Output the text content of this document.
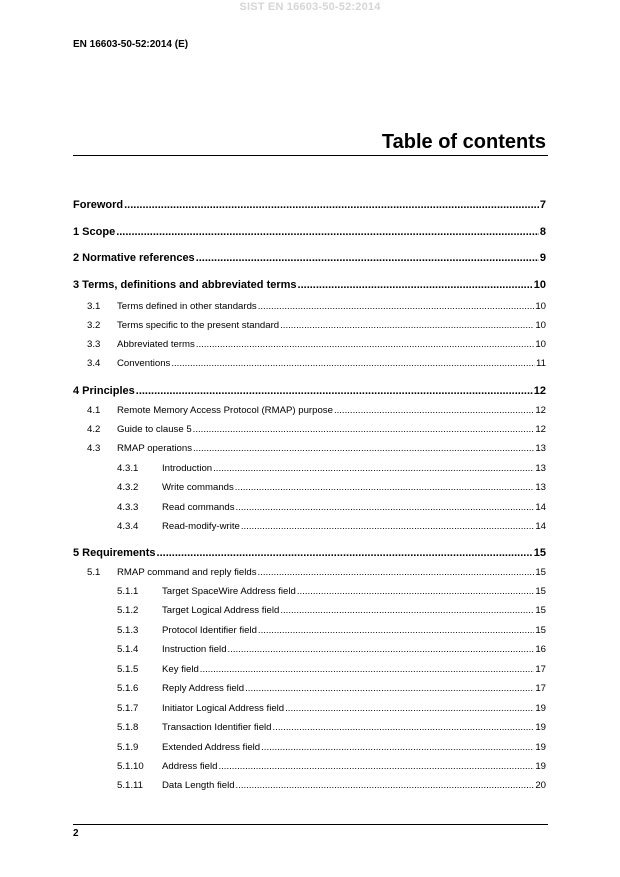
SIST EN 16603-50-52:2014
EN 16603-50-52:2014 (E)
Table of contents
Foreword .....	7
1 Scope .....	8
2 Normative references .....	9
3 Terms, definitions and abbreviated terms .....	10
3.1	Terms defined in other standards .....	10
3.2	Terms specific to the present standard .....	10
3.3	Abbreviated terms .....	10
3.4	Conventions .....	11
4 Principles .....	12
4.1	Remote Memory Access Protocol (RMAP) purpose .....	12
4.2	Guide to clause 5 .....	12
4.3	RMAP operations .....	13
4.3.1	Introduction .....	13
4.3.2	Write commands .....	13
4.3.3	Read commands .....	14
4.3.4	Read-modify-write .....	14
5 Requirements .....	15
5.1	RMAP command and reply fields .....	15
5.1.1	Target SpaceWire Address field .....	15
5.1.2	Target Logical Address field .....	15
5.1.3	Protocol Identifier field .....	15
5.1.4	Instruction field .....	16
5.1.5	Key field .....	17
5.1.6	Reply Address field .....	17
5.1.7	Initiator Logical Address field .....	19
5.1.8	Transaction Identifier field .....	19
5.1.9	Extended Address field .....	19
5.1.10	Address field .....	19
5.1.11	Data Length field .....	20
2
